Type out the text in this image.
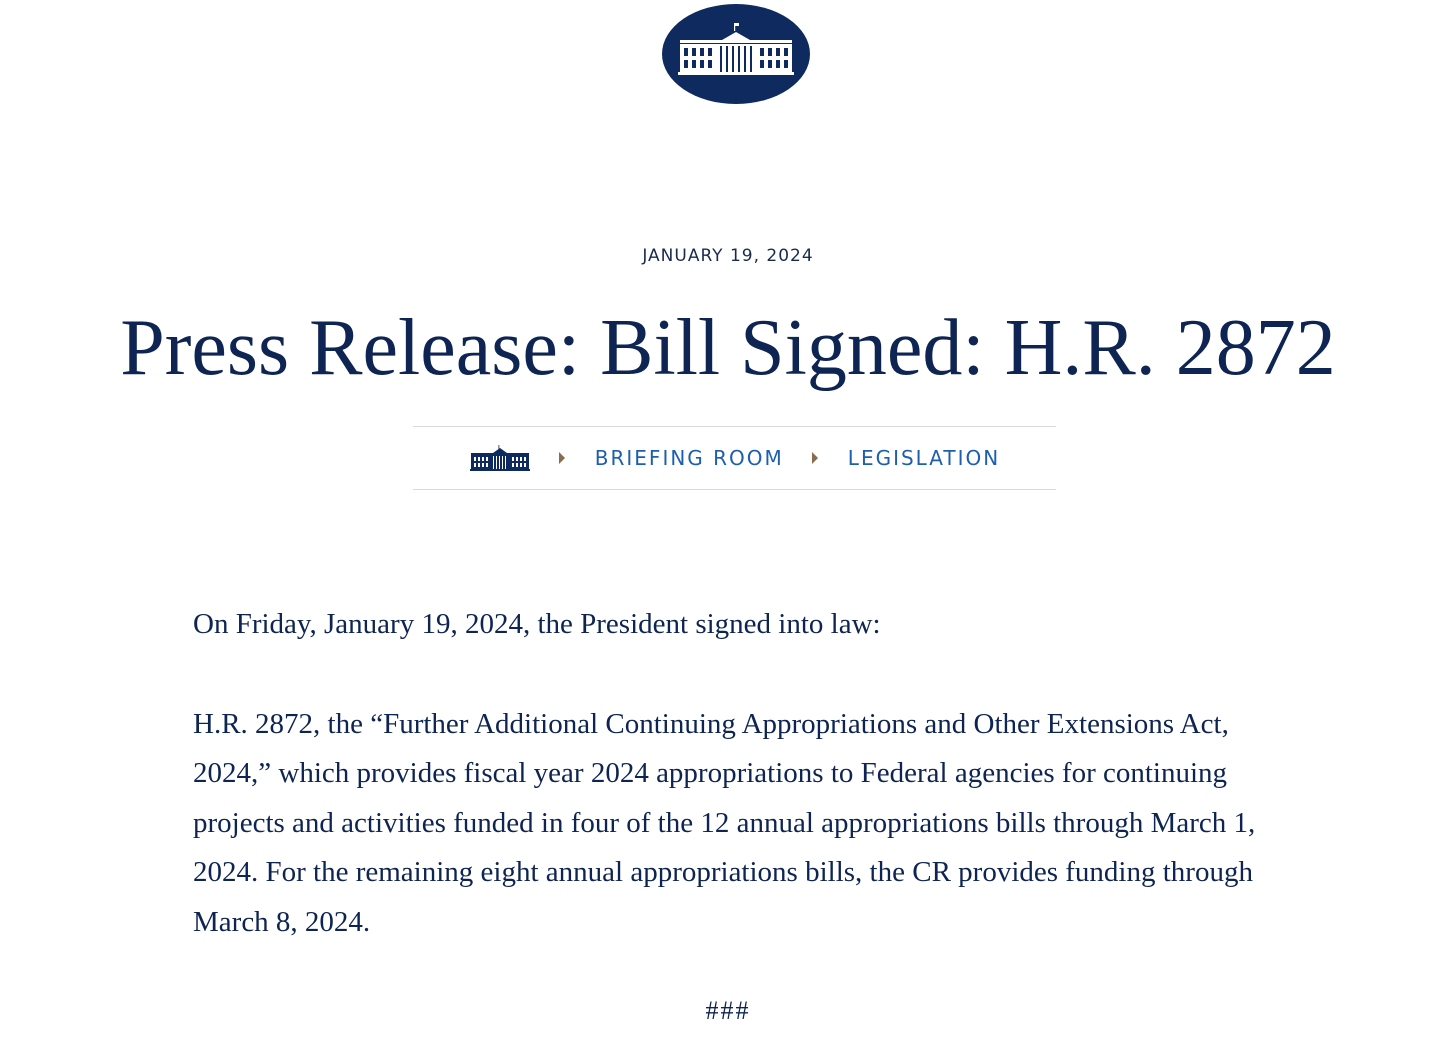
JANUARY 19, 2024
Press Release: Bill Signed: H.R. 2872
BRIEFING ROOM	LEGISLATION

On Friday, January 19, 2024, the President signed into law:

H.R. 2872, the “Further Additional Continuing Appropriations and Other Extensions Act, 2024,” which provides fiscal year 2024 appropriations to Federal agencies for continuing projects and activities funded in four of the 12 annual appropriations bills through March 1, 2024. For the remaining eight annual appropriations bills, the CR provides funding through March 8, 2024.

###
